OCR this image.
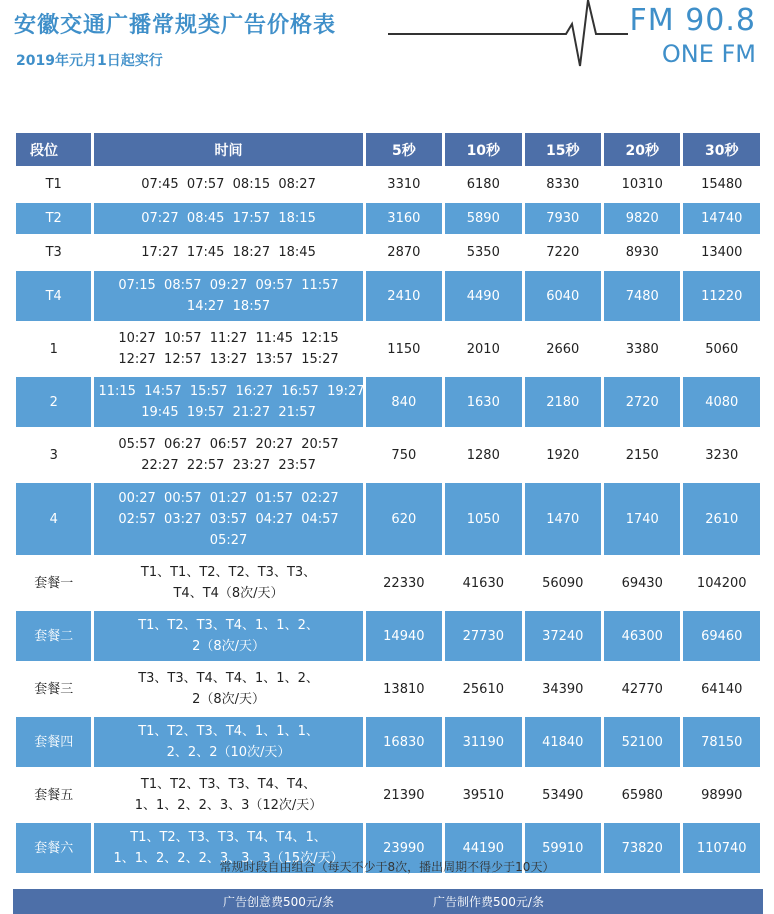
安徽交通广播常规类广告价格表
2019年元月1日起实行
FM 90.8
ONE FM
段位	时间	5秒	10秒	15秒	20秒	30秒
T1	07:45  07:57  08:15  08:27	3310	6180	8330	10310	15480
T2	07:27  08:45  17:57  18:15	3160	5890	7930	9820	14740
T3	17:27  17:45  18:27  18:45	2870	5350	7220	8930	13400
T4	07:15  08:57  09:27  09:57  11:57
14:27  18:57	2410	4490	6040	7480	11220
1	10:27  10:57  11:27  11:45  12:15
12:27  12:57  13:27  13:57  15:27	1150	2010	2660	3380	5060
2	11:15  14:57  15:57  16:27  16:57  19:27
19:45  19:57  21:27  21:57	840	1630	2180	2720	4080
3	05:57  06:27  06:57  20:27  20:57
22:27  22:57  23:27  23:57	750	1280	1920	2150	3230
4	00:27  00:57  01:27  01:57  02:27
02:57  03:27  03:57  04:27  04:57
05:27	620	1050	1470	1740	2610
套餐一	T1、T1、T2、T2、T3、T3、
T4、T4（8次/天）	22330	41630	56090	69430	104200
套餐二	T1、T2、T3、T4、1、1、2、
2（8次/天）	14940	27730	37240	46300	69460
套餐三	T3、T3、T4、T4、1、1、2、
2（8次/天）	13810	25610	34390	42770	64140
套餐四	T1、T2、T3、T4、1、1、1、
2、2、2（10次/天）	16830	31190	41840	52100	78150
套餐五	T1、T2、T3、T3、T4、T4、
1、1、2、2、3、3（12次/天）	21390	39510	53490	65980	98990
套餐六	T1、T2、T3、T3、T4、T4、1、
1、1、2、2、2、3、3、3（15次/天）	23990	44190	59910	73820	110740
常规时段自由组合（每天不少于8次，播出周期不得少于10天）
广告创意费500元/条	广告制作费500元/条
